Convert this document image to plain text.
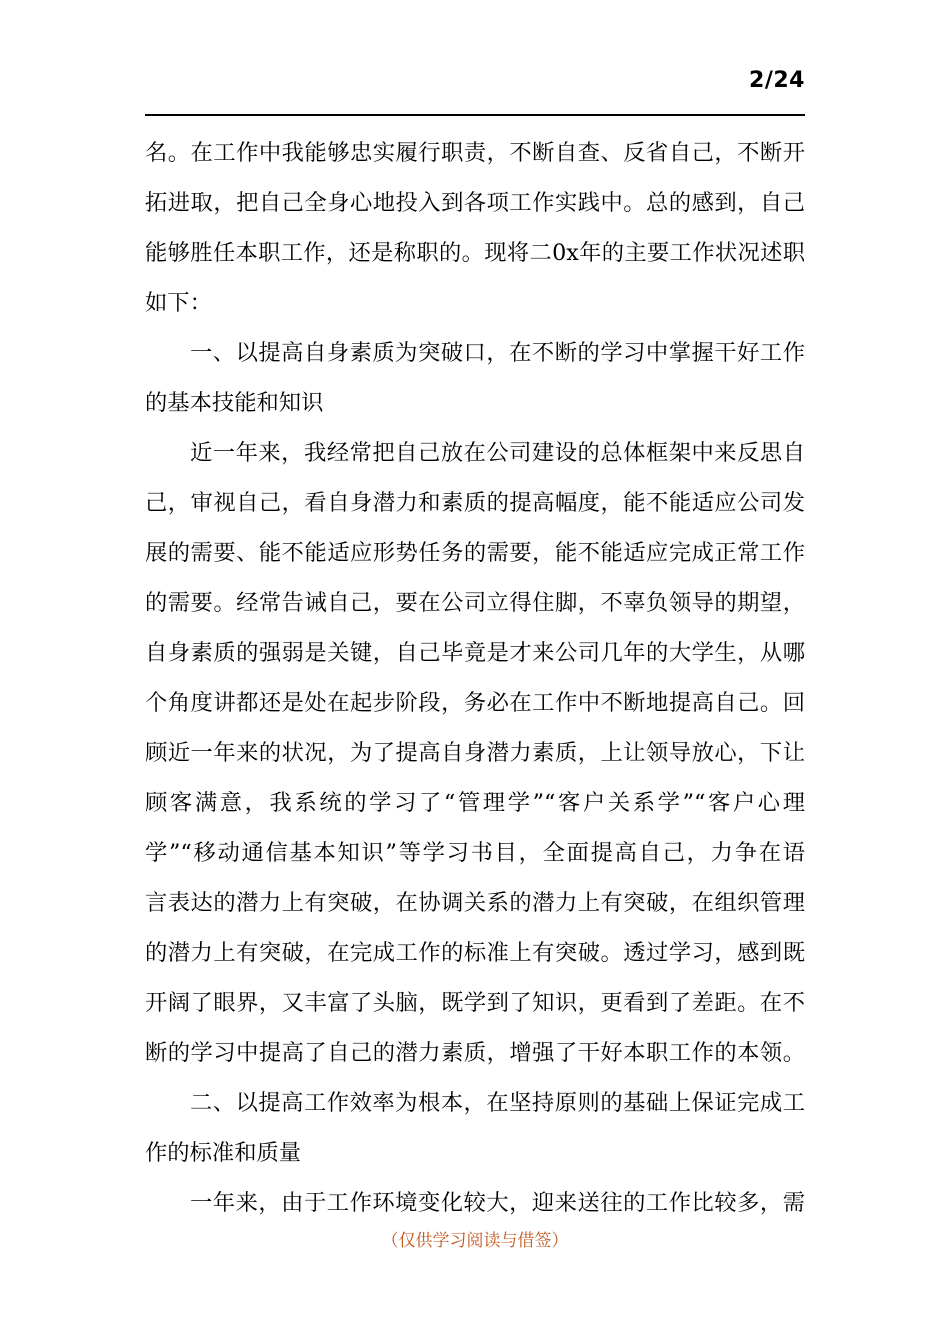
2/24
名。在工作中我能够忠实履行职责，不断自查、反省自己，不断开
拓进取，把自己全身心地投入到各项工作实践中。总的感到，自己
能够胜任本职工作，还是称职的。现将二0x年的主要工作状况述职
如下：
一、以提高自身素质为突破口，在不断的学习中掌握干好工作
的基本技能和知识
近一年来，我经常把自己放在公司建设的总体框架中来反思自
己，审视自己，看自身潜力和素质的提高幅度，能不能适应公司发
展的需要、能不能适应形势任务的需要，能不能适应完成正常工作
的需要。经常告诫自己，要在公司立得住脚，不辜负领导的期望，
自身素质的强弱是关键，自己毕竟是才来公司几年的大学生，从哪
个角度讲都还是处在起步阶段，务必在工作中不断地提高自己。回
顾近一年来的状况，为了提高自身潜力素质，上让领导放心，下让
顾客满意，我系统的学习了“管理学”“客户关系学”“客户心理
学”“移动通信基本知识”等学习书目，全面提高自己，力争在语
言表达的潜力上有突破，在协调关系的潜力上有突破，在组织管理
的潜力上有突破，在完成工作的标准上有突破。透过学习，感到既
开阔了眼界，又丰富了头脑，既学到了知识，更看到了差距。在不
断的学习中提高了自己的潜力素质，增强了干好本职工作的本领。
二、以提高工作效率为根本，在坚持原则的基础上保证完成工
作的标准和质量
一年来，由于工作环境变化较大，迎来送往的工作比较多，需
（仅供学习阅读与借签）
